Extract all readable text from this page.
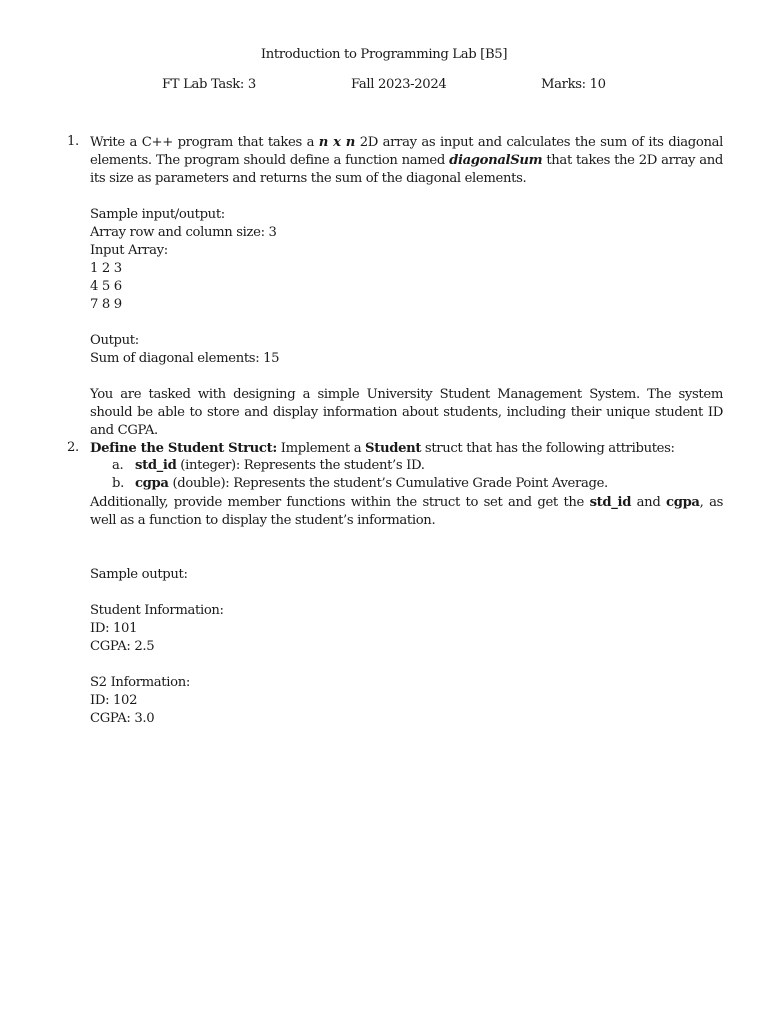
Introduction to Programming Lab [B5]
FT Lab Task: 3	Fall 2023-2024	Marks: 10
1. Write a C++ program that takes a n x n 2D array as input and calculates the sum of its diagonal elements. The program should define a function named diagonalSum that takes the 2D array and its size as parameters and returns the sum of the diagonal elements.
Sample input/output:
Array row and column size: 3
Input Array:
1 2 3
4 5 6
7 8 9
Output:
Sum of diagonal elements: 15
You are tasked with designing a simple University Student Management System. The system should be able to store and display information about students, including their unique student ID and CGPA.
2. Define the Student Struct: Implement a Student struct that has the following attributes:
a. std_id (integer): Represents the student’s ID.
b. cgpa (double): Represents the student’s Cumulative Grade Point Average.
Additionally, provide member functions within the struct to set and get the std_id and cgpa, as well as a function to display the student’s information.
Sample output:
Student Information:
ID: 101
CGPA: 2.5
S2 Information:
ID: 102
CGPA: 3.0
